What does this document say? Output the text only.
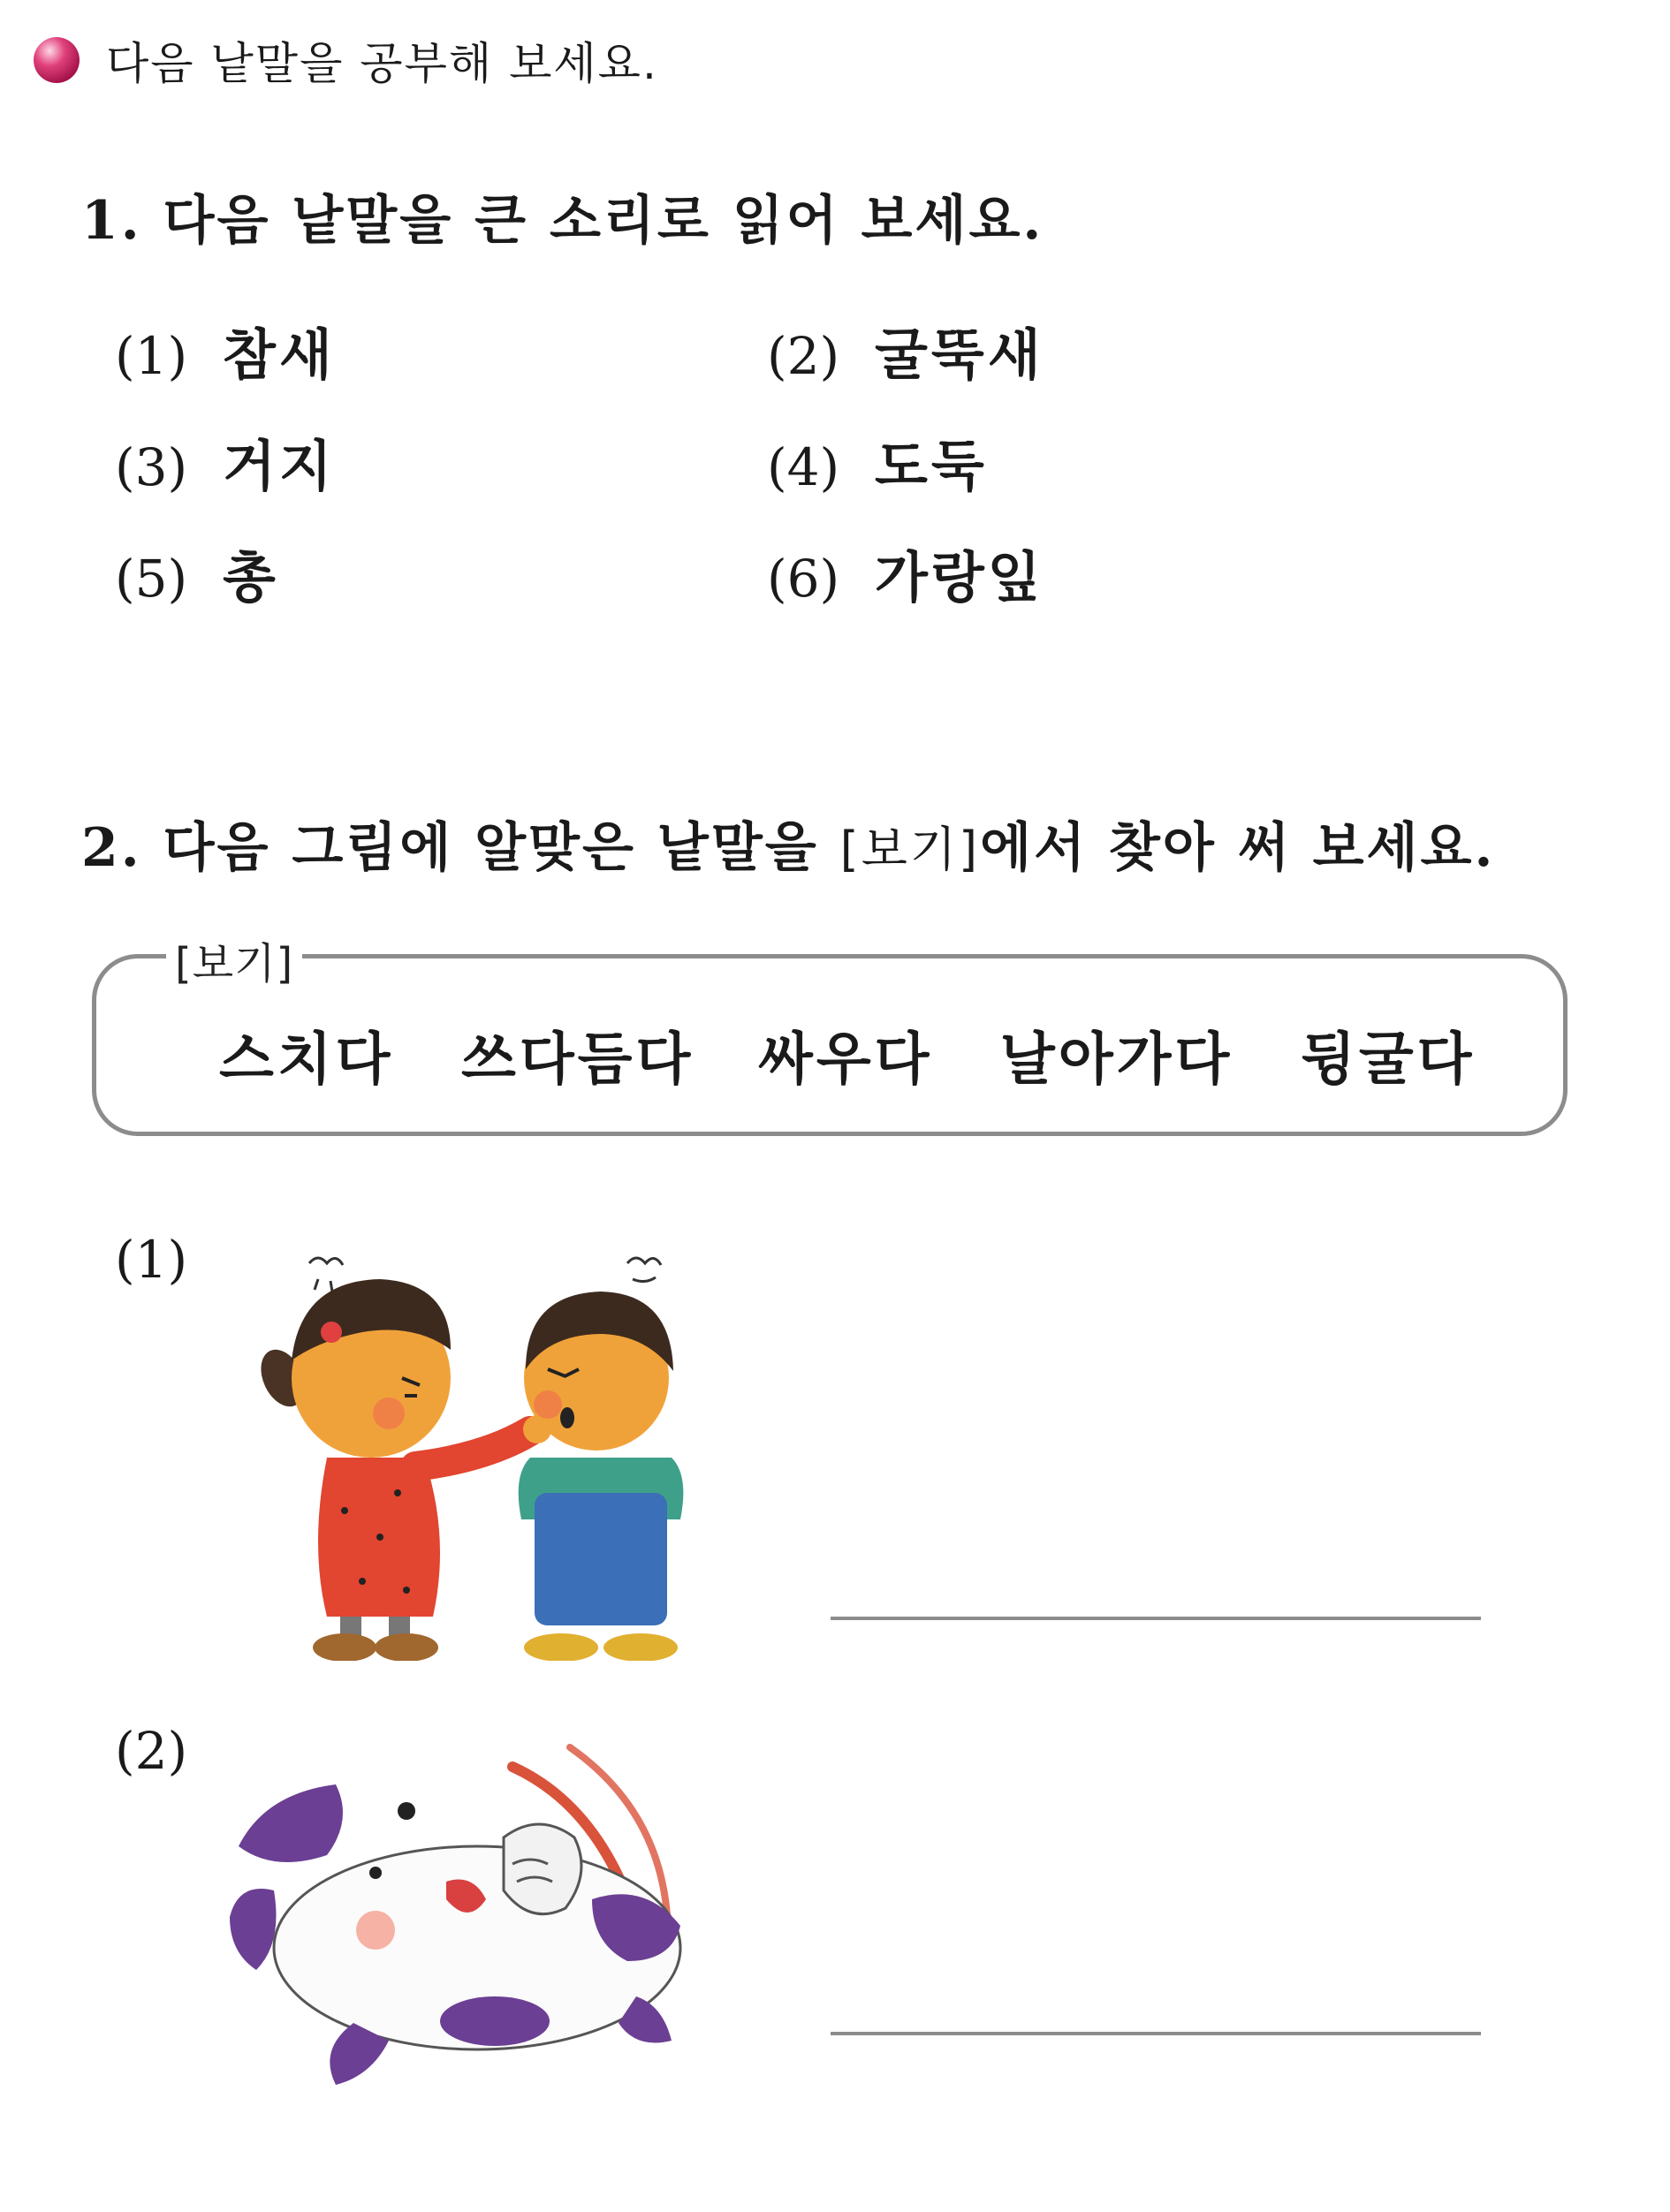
다음 낱말을 공부해 보세요.
1. 다음 낱말을 큰 소리로 읽어 보세요.
(1) 참새	(2) 굴뚝새
(3) 거지	(4) 도둑
(5) 총	(6) 가랑잎
2. 다음 그림에 알맞은 낱말을 [보기]에서 찾아 써 보세요.
[보기]
스치다 쓰다듬다 싸우다 날아가다 뒹굴다
(1)
(2)
